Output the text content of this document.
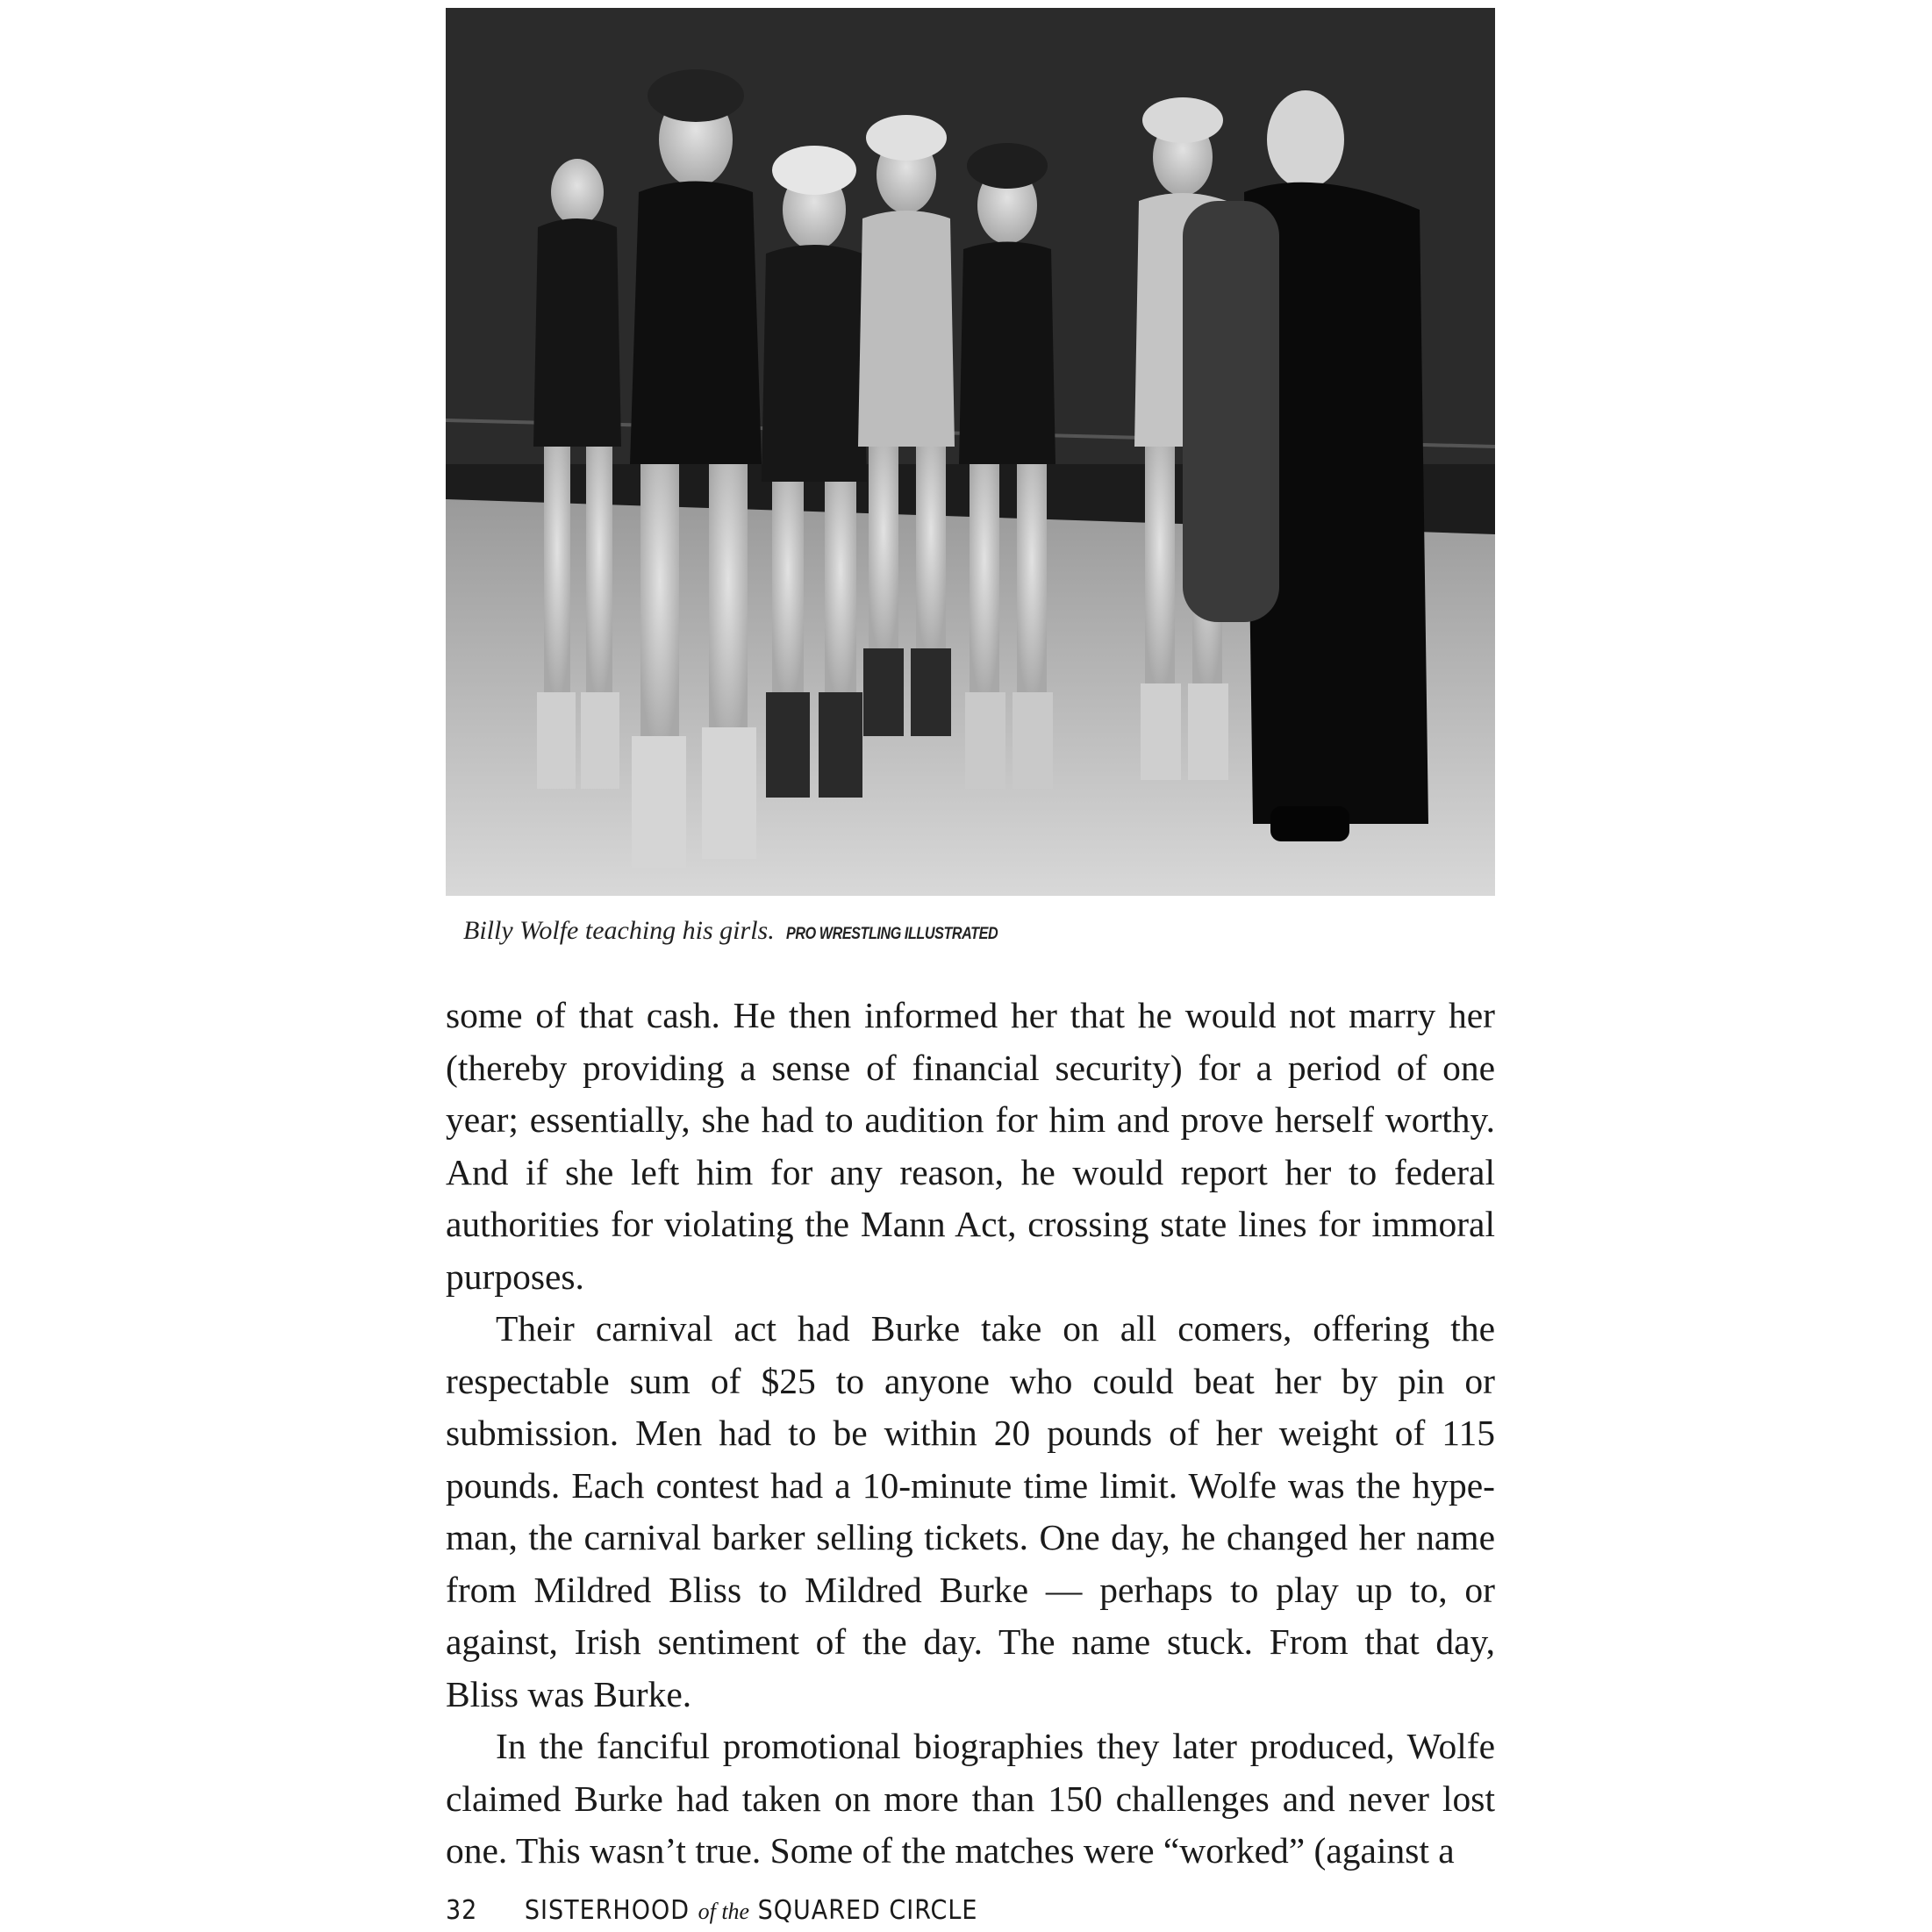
Billy Wolfe teaching his girls. PRO WRESTLING ILLUSTRATED

some of that cash. He then informed her that he would not marry her (thereby providing a sense of financial security) for a period of one year; essentially, she had to audition for him and prove herself worthy. And if she left him for any reason, he would report her to federal authorities for violating the Mann Act, crossing state lines for immoral purposes.

Their carnival act had Burke take on all comers, offering the respectable sum of $25 to anyone who could beat her by pin or submission. Men had to be within 20 pounds of her weight of 115 pounds. Each contest had a 10-minute time limit. Wolfe was the hype-man, the carnival barker selling tickets. One day, he changed her name from Mildred Bliss to Mildred Burke — perhaps to play up to, or against, Irish sentiment of the day. The name stuck. From that day, Bliss was Burke.

In the fanciful promotional biographies they later produced, Wolfe claimed Burke had taken on more than 150 challenges and never lost one. This wasn’t true. Some of the matches were “worked” (against a

32 SISTERHOOD of the SQUARED CIRCLE
